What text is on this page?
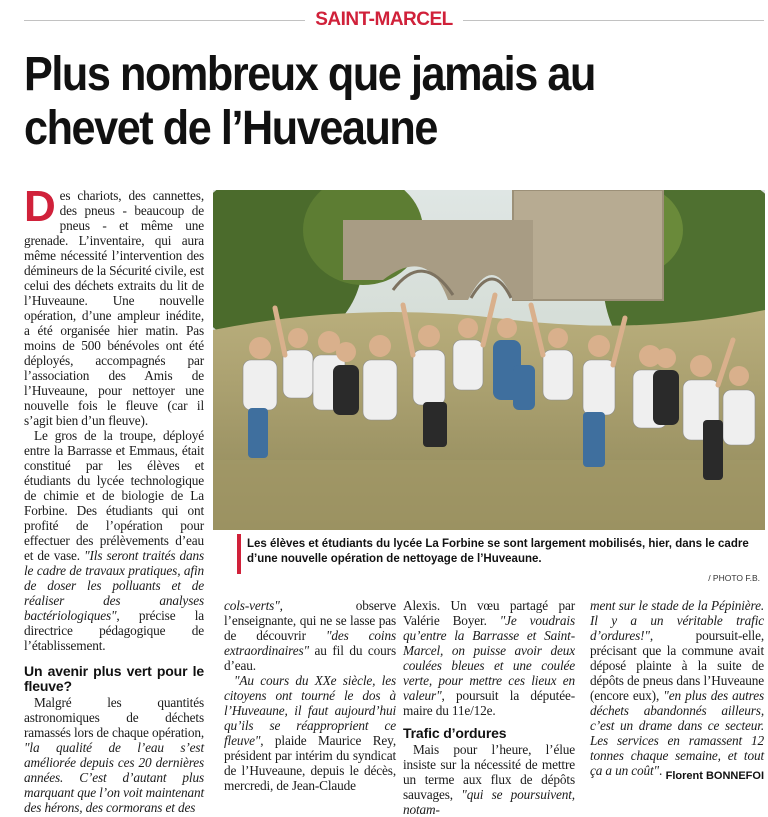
SAINT-MARCEL
Plus nombreux que jamais au chevet de l’Huveaune

Des chariots, des cannettes, des pneus - beaucoup de pneus - et même une grenade. L’inventaire, qui aura même nécessité l’intervention des démineurs de la Sécurité civile, est celui des déchets extraits du lit de l’Huveaune. Une nouvelle opération, d’une ampleur inédite, a été organisée hier matin. Pas moins de 500 bénévoles ont été déployés, accompagnés par l’association des Amis de l’Huveaune, pour nettoyer une nouvelle fois le fleuve (car il s’agit bien d’un fleuve).

Le gros de la troupe, déployé entre la Barrasse et Emmaus, était constitué par les élèves et étudiants du lycée technologique de chimie et de biologie de La Forbine. Des étudiants qui ont profité de l’opération pour effectuer des prélèvements d’eau et de vase. "Ils seront traités dans le cadre de travaux pratiques, afin de doser les polluants et de réaliser des analyses bactériologiques", précise la directrice pédagogique de l’établissement.

Un avenir plus vert pour le fleuve?

Malgré les quantités astronomiques de déchets ramassés lors de chaque opération, "la qualité de l’eau s’est améliorée depuis ces 20 dernières années. C’est d’autant plus marquant que l’on voit maintenant des hérons, des cormorans et des

Les élèves et étudiants du lycée La Forbine se sont largement mobilisés, hier, dans le cadre d’une nouvelle opération de nettoyage de l’Huveaune.
/ PHOTO F.B.

cols-verts", observe l’enseignante, qui ne se lasse pas de découvrir "des coins extraordinaires" au fil du cours d’eau.

"Au cours du XXe siècle, les citoyens ont tourné le dos à l’Huveaune, il faut aujourd’hui qu’ils se réapproprient ce fleuve", plaide Maurice Rey, président par intérim du syndicat de l’Huveaune, depuis le décès, mercredi, de Jean-Claude

Alexis. Un vœu partagé par Valérie Boyer. "Je voudrais qu’entre la Barrasse et Saint-Marcel, on puisse avoir deux coulées bleues et une coulée verte, pour mettre ces lieux en valeur", poursuit la députée-maire du 11e/12e.

Trafic d’ordures

Mais pour l’heure, l’élue insiste sur la nécessité de mettre un terme aux flux de dépôts sauvages, "qui se poursuivent, notam-

ment sur le stade de la Pépinière. Il y a un véritable trafic d’ordures!", poursuit-elle, précisant que la commune avait déposé plainte à la suite de dépôts de pneus dans l’Huveaune (encore eux), "en plus des autres déchets abandonnés ailleurs, c’est un drame dans ce secteur. Les services en ramassent 12 tonnes chaque semaine, et tout ça a un coût". Florent BONNEFOI
